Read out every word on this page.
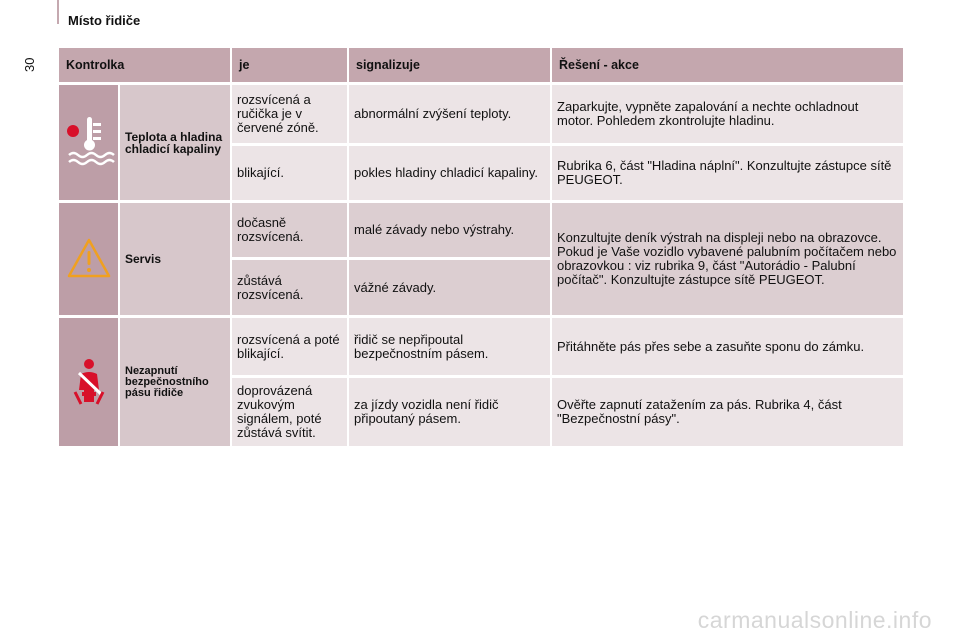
Místo řidiče
30 Kontrolka		je	signalizuje	Řešení - akce
	Teplota a hladina chladicí kapaliny	rozsvícená a ručička je v červené zóně.	abnormální zvýšení teploty.	Zaparkujte, vypněte zapalování a nechte ochladnout motor. Pohledem zkontrolujte hladinu.
		blikající.	pokles hladiny chladicí kapaliny.	Rubrika 6, část "Hladina náplní". Konzultujte zástupce sítě PEUGEOT.
	Servis	dočasně rozsvícená.	malé závady nebo výstrahy.	Konzultujte deník výstrah na displeji nebo na obrazovce. Pokud je Vaše vozidlo vybavené palubním počítačem nebo obrazovkou : viz rubrika 9, část "Autorádio - Palubní počítač". Konzultujte zástupce sítě PEUGEOT.
		zůstává rozsvícená.	vážné závady.	
	Nezapnutí bezpečnostního pásu řidiče	rozsvícená a poté blikající.	řidič se nepřipoutal bezpečnostním pásem.	Přitáhněte pás přes sebe a zasuňte sponu do zámku.
		doprovázená zvukovým signálem, poté zůstává svítit.	za jízdy vozidla není řidič připoutaný pásem.	Ověřte zapnutí zatažením za pás. Rubrika 4, část "Bezpečnostní pásy".
carmanualsonline.info
